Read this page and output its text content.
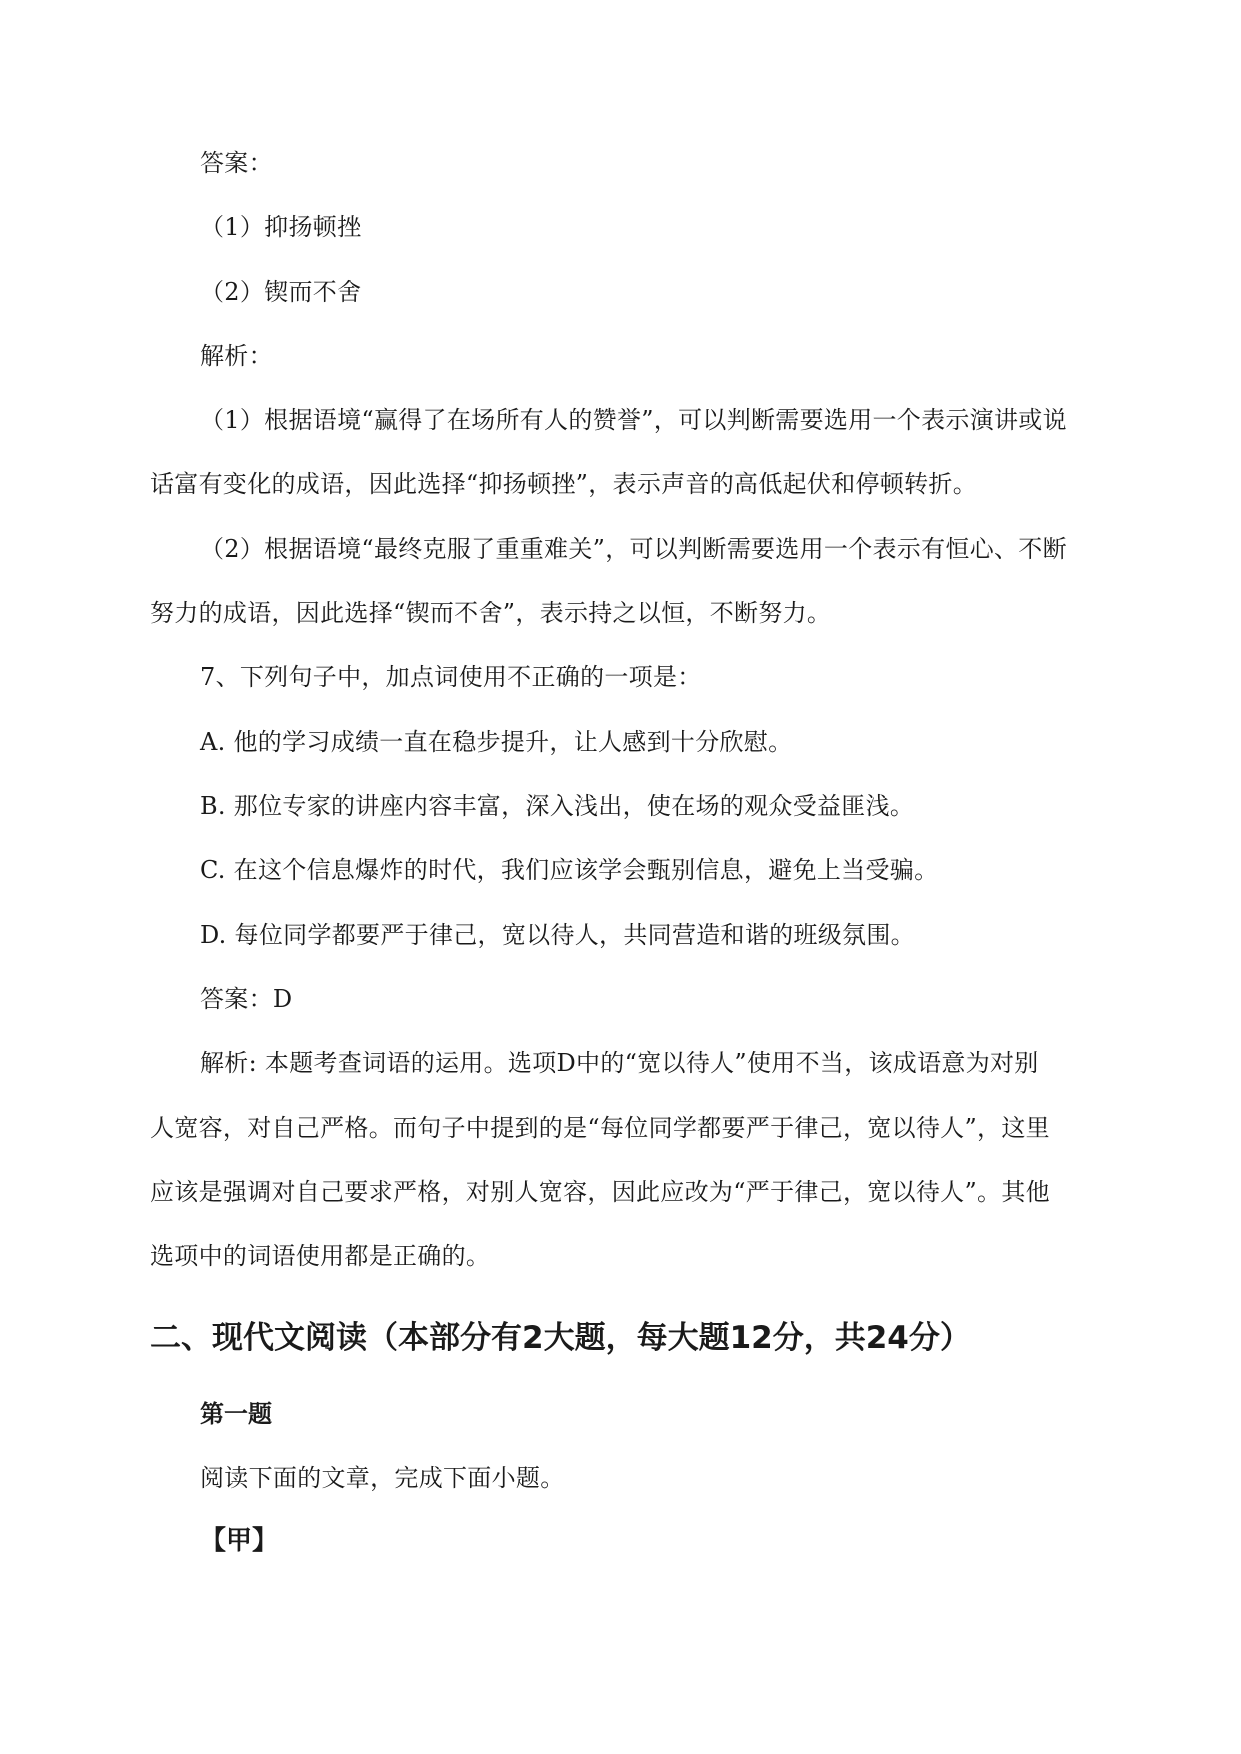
答案：
（1）抑扬顿挫
（2）锲而不舍
解析：
（1）根据语境“赢得了在场所有人的赞誉”，可以判断需要选用一个表示演讲或说
话富有变化的成语，因此选择“抑扬顿挫”，表示声音的高低起伏和停顿转折。
（2）根据语境“最终克服了重重难关”，可以判断需要选用一个表示有恒心、不断
努力的成语，因此选择“锲而不舍”，表示持之以恒，不断努力。
7、下列句子中，加点词使用不正确的一项是：
A. 他的学习成绩一直在稳步提升，让人感到十分欣慰。
B. 那位专家的讲座内容丰富，深入浅出，使在场的观众受益匪浅。
C. 在这个信息爆炸的时代，我们应该学会甄别信息，避免上当受骗。
D. 每位同学都要严于律己，宽以待人，共同营造和谐的班级氛围。
答案：D
解析: 本题考查词语的运用。选项D中的“宽以待人”使用不当，该成语意为对别
人宽容，对自己严格。而句子中提到的是“每位同学都要严于律己，宽以待人”，这里
应该是强调对自己要求严格，对别人宽容，因此应改为“严于律己，宽以待人”。其他
选项中的词语使用都是正确的。
二、现代文阅读（本部分有2大题，每大题12分，共24分）
第一题
阅读下面的文章，完成下面小题。
【甲】
